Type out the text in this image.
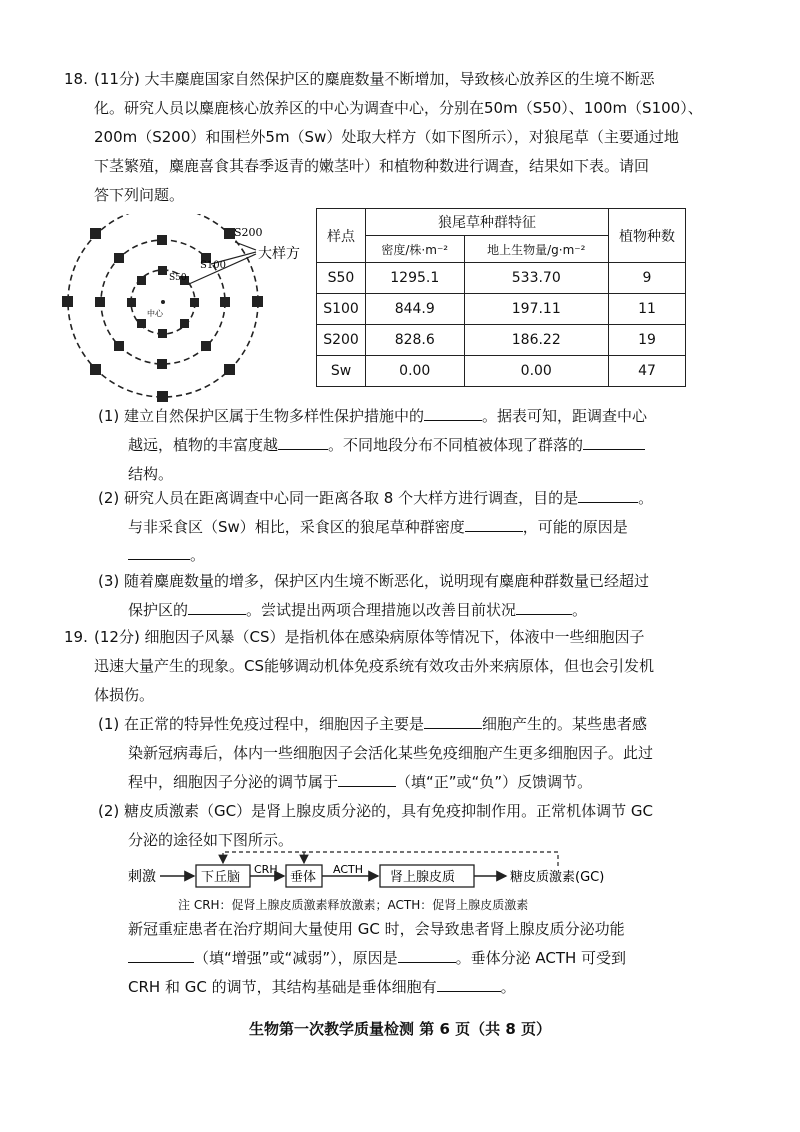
18. (11分) 大丰麋鹿国家自然保护区的麋鹿数量不断增加，导致核心放养区的生境不断恶
化。研究人员以麋鹿核心放养区的中心为调查中心，分别在50m（S50）、100m（S100）、
200m（S200）和围栏外5m（Sw）处取大样方（如下图所示），对狼尾草（主要通过地
下茎繁殖，麋鹿喜食其春季返青的嫩茎叶）和植物种数进行调查，结果如下表。请回
答下列问题。
S200
S100
S50
中心
大样方
样点	狼尾草种群特征		植物种数
	密度/株·m⁻²	地上生物量/g·m⁻²	
S50	1295.1	533.70	9
S100	844.9	197.11	11
S200	828.6	186.22	19
Sw	0.00	0.00	47
(1) 建立自然保护区属于生物多样性保护措施中的	。据表可知，距调查中心
越远，植物的丰富度越	。不同地段分布不同植被体现了群落的
结构。
(2) 研究人员在距离调查中心同一距离各取 8 个大样方进行调查，目的是	。
与非采食区（Sw）相比，采食区的狼尾草种群密度	，可能的原因是
。
(3) 随着麋鹿数量的增多，保护区内生境不断恶化，说明现有麋鹿种群数量已经超过
保护区的	。尝试提出两项合理措施以改善目前状况	。
19. (12分) 细胞因子风暴（CS）是指机体在感染病原体等情况下，体液中一些细胞因子
迅速大量产生的现象。CS能够调动机体免疫系统有效攻击外来病原体，但也会引发机
体损伤。
(1) 在正常的特异性免疫过程中，细胞因子主要是	细胞产生的。某些患者感
染新冠病毒后，体内一些细胞因子会活化某些免疫细胞产生更多细胞因子。此过
程中，细胞因子分泌的调节属于	（填“正”或“负”）反馈调节。
(2) 糖皮质激素（GC）是肾上腺皮质分泌的，具有免疫抑制作用。正常机体调节 GC
分泌的途径如下图所示。
刺激	下丘脑
CRH
垂体
ACTH
肾上腺皮质	糖皮质激素(GC)
注 CRH：促肾上腺皮质激素释放激素；ACTH：促肾上腺皮质激素
新冠重症患者在治疗期间大量使用 GC 时，会导致患者肾上腺皮质分泌功能
（填“增强”或“减弱”），原因是	。垂体分泌 ACTH 可受到
CRH 和 GC 的调节，其结构基础是垂体细胞有	。
生物第一次教学质量检测 第 6 页（共 8 页）
